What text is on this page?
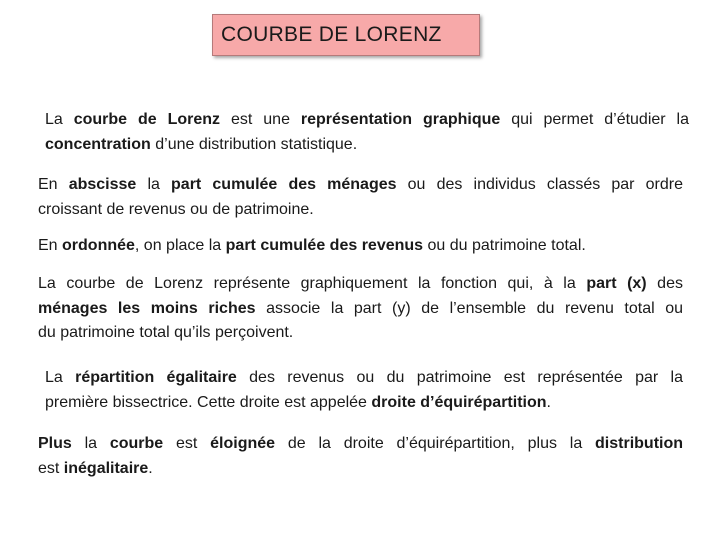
COURBE DE LORENZ
La courbe de Lorenz est une représentation graphique qui permet d’étudier la
concentration d’une distribution statistique.
En abscisse la part cumulée des ménages ou des individus classés par ordre
croissant de revenus ou de patrimoine.
En ordonnée, on place la part cumulée des revenus ou du patrimoine total.
La courbe de Lorenz représente graphiquement la fonction qui, à la part (x) des
ménages les moins riches associe la part (y) de l’ensemble du revenu total ou
du patrimoine total qu’ils perçoivent.
La répartition égalitaire des revenus ou du patrimoine est représentée par la
première bissectrice. Cette droite est appelée droite d’équirépartition.
Plus la courbe est éloignée de la droite d’équirépartition, plus la distribution
est inégalitaire.
